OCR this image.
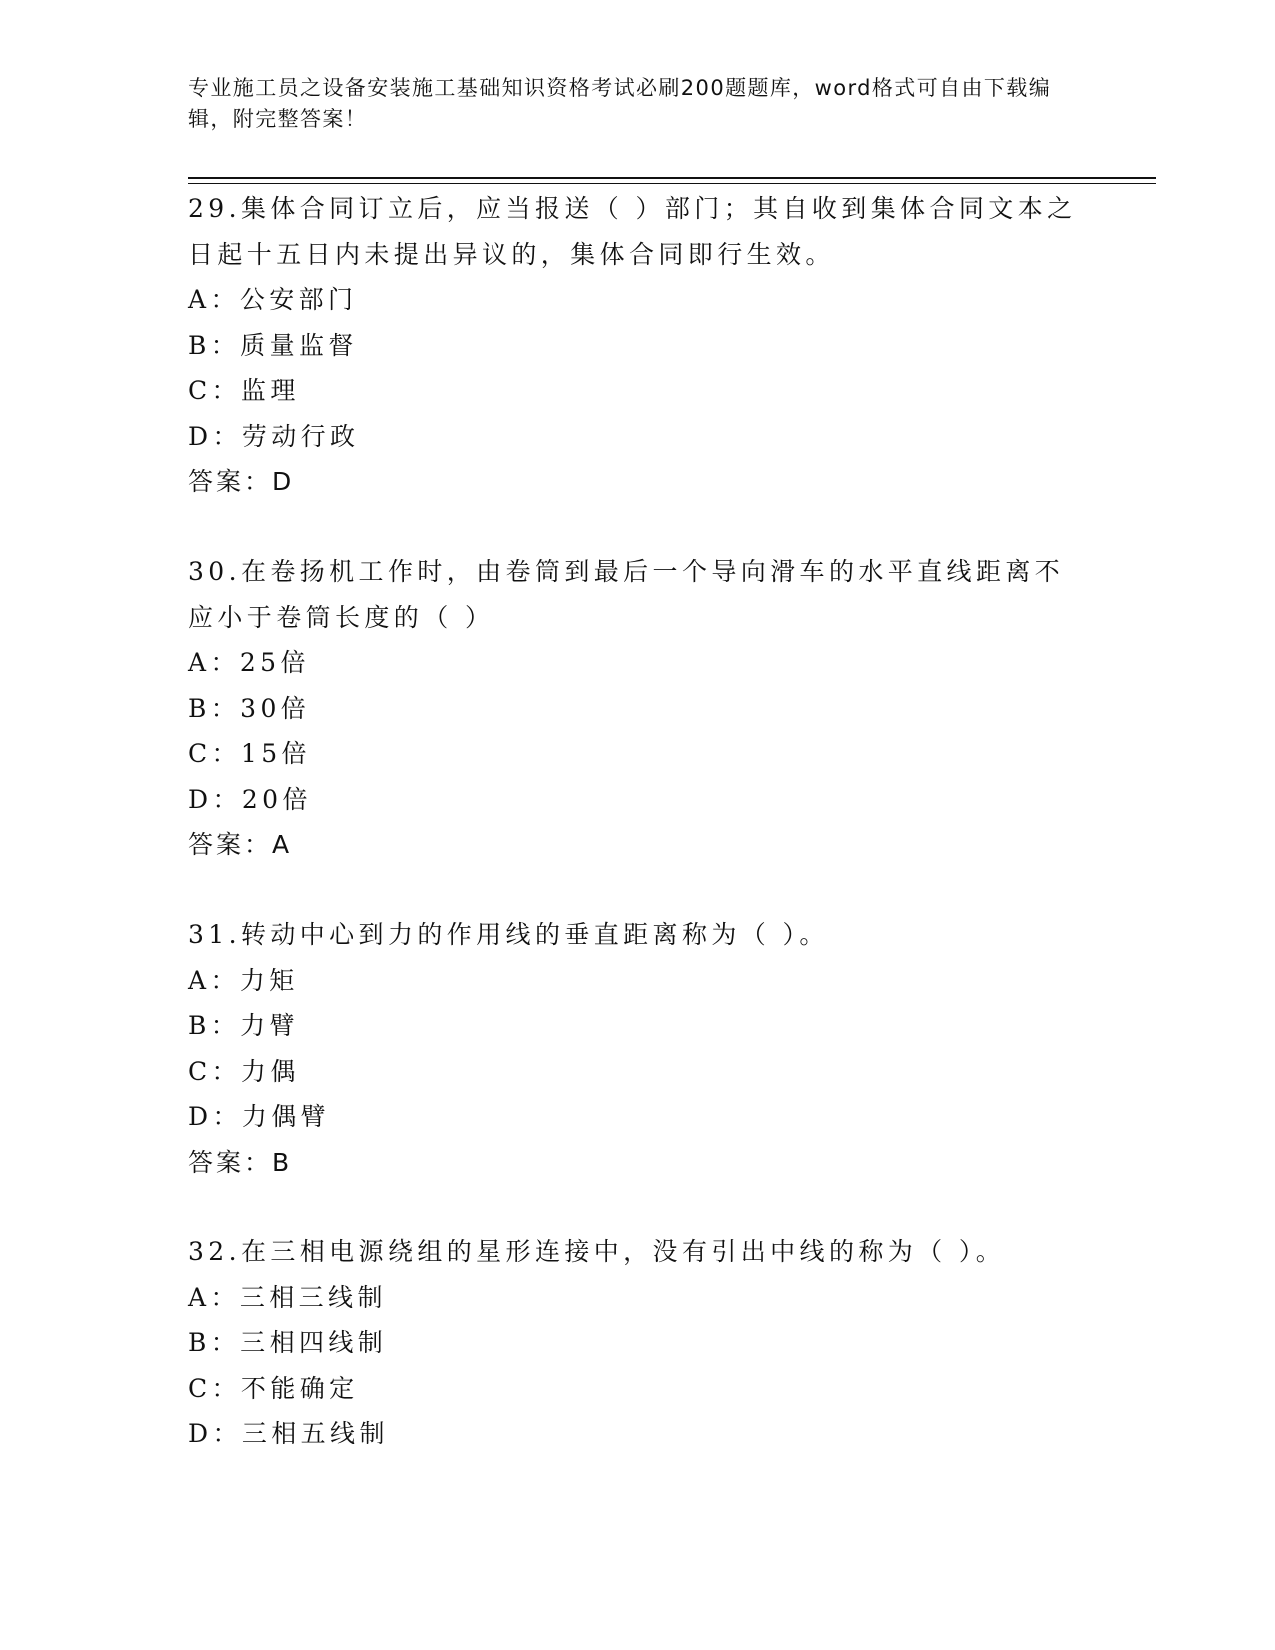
专业施工员之设备安装施工基础知识资格考试必刷200题题库，word格式可自由下载编辑，附完整答案！

29.集体合同订立后，应当报送（ ）部门；其自收到集体合同文本之日起十五日内未提出异议的，集体合同即行生效。

A：公安部门

B：质量监督

C：监理

D：劳动行政

答案：D

30.在卷扬机工作时，由卷筒到最后一个导向滑车的水平直线距离不应小于卷筒长度的（ ）

A：25倍

B：30倍

C：15倍

D：20倍

答案：A

31.转动中心到力的作用线的垂直距离称为（ ）。

A：力矩

B：力臂

C：力偶

D：力偶臂

答案：B

32.在三相电源绕组的星形连接中，没有引出中线的称为（ ）。

A：三相三线制

B：三相四线制

C：不能确定

D：三相五线制
